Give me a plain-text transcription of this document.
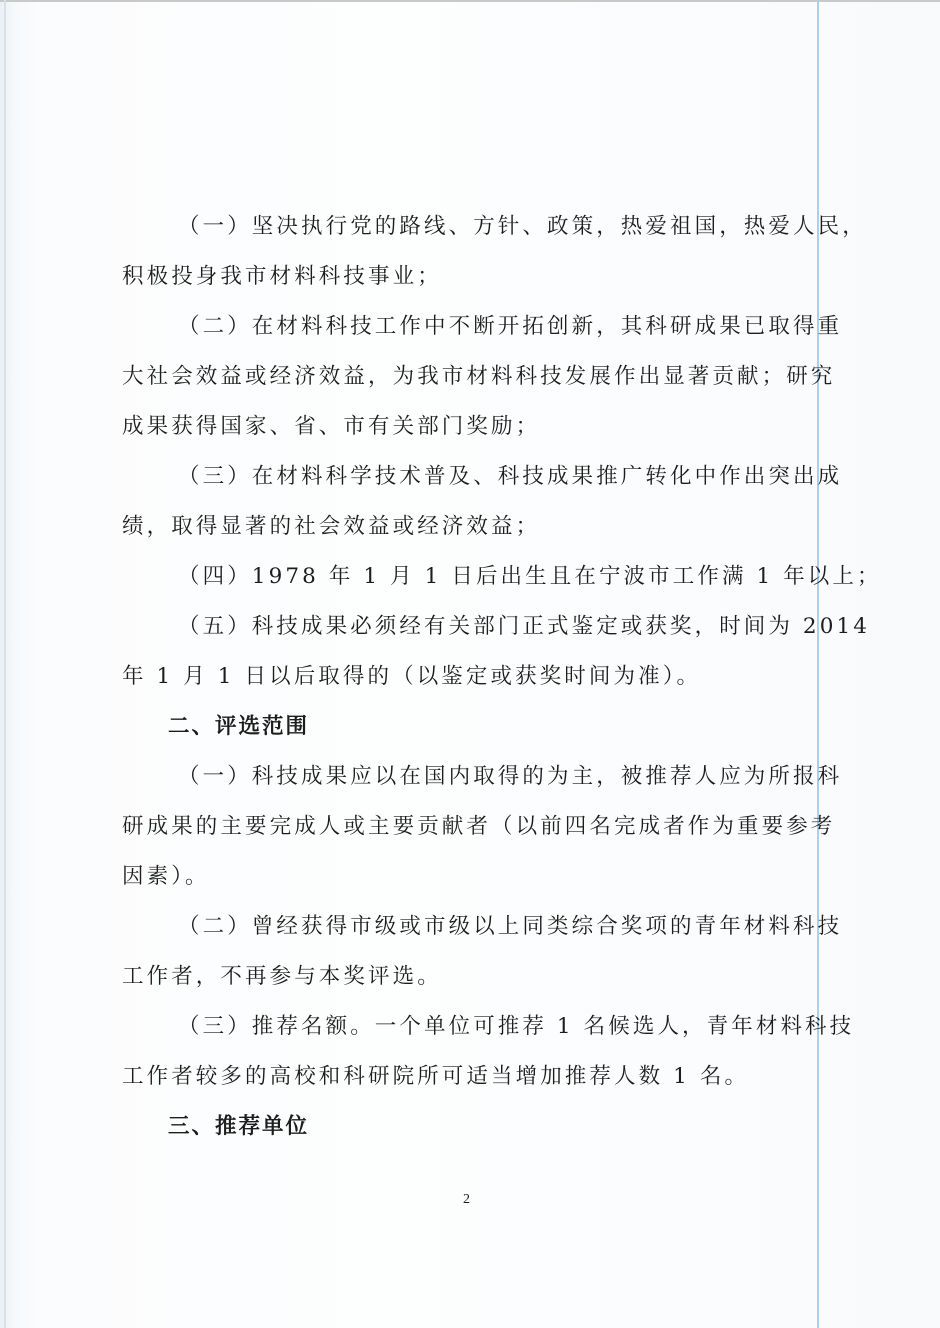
（一）坚决执行党的路线、方针、政策，热爱祖国，热爱人民，
积极投身我市材料科技事业；
（二）在材料科技工作中不断开拓创新，其科研成果已取得重
大社会效益或经济效益，为我市材料科技发展作出显著贡献；研究
成果获得国家、省、市有关部门奖励；
（三）在材料科学技术普及、科技成果推广转化中作出突出成
绩，取得显著的社会效益或经济效益；
（四）1978 年 1 月 1 日后出生且在宁波市工作满 1 年以上；
（五）科技成果必须经有关部门正式鉴定或获奖，时间为 2014
年 1 月 1 日以后取得的（以鉴定或获奖时间为准）。
二、评选范围
（一）科技成果应以在国内取得的为主，被推荐人应为所报科
研成果的主要完成人或主要贡献者（以前四名完成者作为重要参考
因素）。
（二）曾经获得市级或市级以上同类综合奖项的青年材料科技
工作者，不再参与本奖评选。
（三）推荐名额。一个单位可推荐 1 名候选人，青年材料科技
工作者较多的高校和科研院所可适当增加推荐人数 1 名。
三、推荐单位
2
